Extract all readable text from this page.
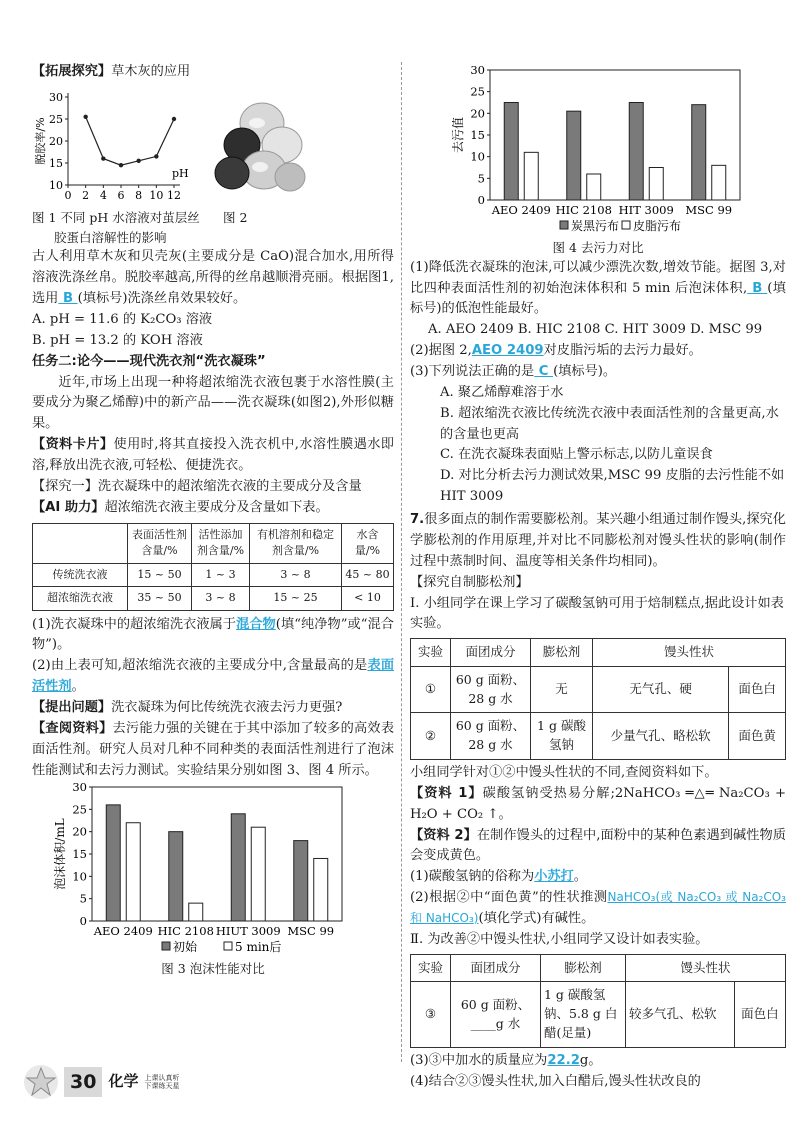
【拓展探究】草木灰的应用
10
15
20
25
30
0 2 4 6 8 10 12
pH
脱胶率/%
图 1 不同 pH 水溶液对茧层丝
胶蛋白溶解性的影响
图 2

古人利用草木灰和贝壳灰(主要成分是 CaO)混合加水,用所得溶液洗涤丝帛。脱胶率越高,所得的丝帛越顺滑亮丽。根据图1,选用 B (填标号)洗涤丝帛效果较好。

A. pH = 11.6 的 K₂CO₃ 溶液
B. pH = 13.2 的 KOH 溶液
任务二:论今——现代洗衣剂“洗衣凝珠”

近年,市场上出现一种将超浓缩洗衣液包裹于水溶性膜(主要成分为聚乙烯醇)中的新产品——洗衣凝珠(如图2),外形似糖果。

【资料卡片】使用时,将其直接投入洗衣机中,水溶性膜遇水即溶,释放出洗衣液,可轻松、便捷洗衣。

【探究一】洗衣凝珠中的超浓缩洗衣液的主要成分及含量
【AI 助力】超浓缩洗衣液主要成分及含量如下表。
	表面活性剂含量/%	活性添加剂含量/%	有机溶剂和稳定剂含量/%	水含量/%
传统洗衣液	15 ~ 50	1 ~ 3	3 ~ 8	45 ~ 80
超浓缩洗衣液	35 ~ 50	3 ~ 8	15 ~ 25	< 10

(1)洗衣凝珠中的超浓缩洗衣液属于混合物(填“纯净物”或“混合物”)。

(2)由上表可知,超浓缩洗衣液的主要成分中,含量最高的是表面活性剂。

【提出问题】洗衣凝珠为何比传统洗衣液去污力更强?

【查阅资料】去污能力强的关键在于其中添加了较多的高效表面活性剂。研究人员对几种不同种类的表面活性剂进行了泡沫性能测试和去污力测试。实验结果分别如图 3、图 4 所示。

0
5
10
15
20
25
30
AEO 2409 HIC 2108 HIUT 3009 MSC 99
泡沫体积/mL
初始	5 min后
图 3 泡沫性能对比
0
5
10
15
20
25
30
AEO 2409 HIC 2108 HIT 3009 MSC 99
去污值
炭黑污布 皮脂污布
图 4 去污力对比

(1)降低洗衣凝珠的泡沫,可以减少漂洗次数,增效节能。据图 3,对比四种表面活性剂的初始泡沫体积和 5 min 后泡沫体积, B (填标号)的低泡性能最好。

A. AEO 2409 B. HIC 2108 C. HIT 3009 D. MSC 99

(2)据图 2,AEO 2409对皮脂污垢的去污力最好。

(3)下列说法正确的是 C (填标号)。

A. 聚乙烯醇难溶于水
B. 超浓缩洗衣液比传统洗衣液中表面活性剂的含量更高,水的含量也更高
C. 在洗衣凝珠表面贴上警示标志,以防儿童误食
D. 对比分析去污力测试效果,MSC 99 皮脂的去污性能不如 HIT 3009

7.很多面点的制作需要膨松剂。某兴趣小组通过制作馒头,探究化学膨松剂的作用原理,并对比不同膨松剂对馒头性状的影响(制作过程中蒸制时间、温度等相关条件均相同)。

【探究自制膨松剂】
Ⅰ. 小组同学在课上学习了碳酸氢钠可用于焙制糕点,据此设计如表实验。
实验	面团成分	膨松剂	馒头性状	
①	60 g 面粉、28 g 水	无	无气孔、硬	面色白
②	60 g 面粉、28 g 水	1 g 碳酸氢钠	少量气孔、略松软	面色黄
小组同学针对①②中馒头性状的不同,查阅资料如下。

【资料 1】碳酸氢钠受热易分解;2NaHCO₃ ═△═ Na₂CO₃ + H₂O + CO₂ ↑。

【资料 2】在制作馒头的过程中,面粉中的某种色素遇到碱性物质会变成黄色。

(1)碳酸氢钠的俗称为小苏打。

(2)根据②中“面色黄”的性状推测NaHCO₃(或 Na₂CO₃ 或 Na₂CO₃ 和 NaHCO₃)(填化学式)有碱性。

Ⅱ. 为改善②中馒头性状,小组同学又设计如表实验。
实验	面团成分	膨松剂	馒头性状	
③	60 g 面粉、____g 水	1 g 碳酸氢钠、5.8 g 白醋(足量)	较多气孔、松软	面色白

(3)③中加水的质量应为22.2g。

(4)结合②③馒头性状,加入白醋后,馒头性状改良的

30 化学 上课认真听
下课练天星
